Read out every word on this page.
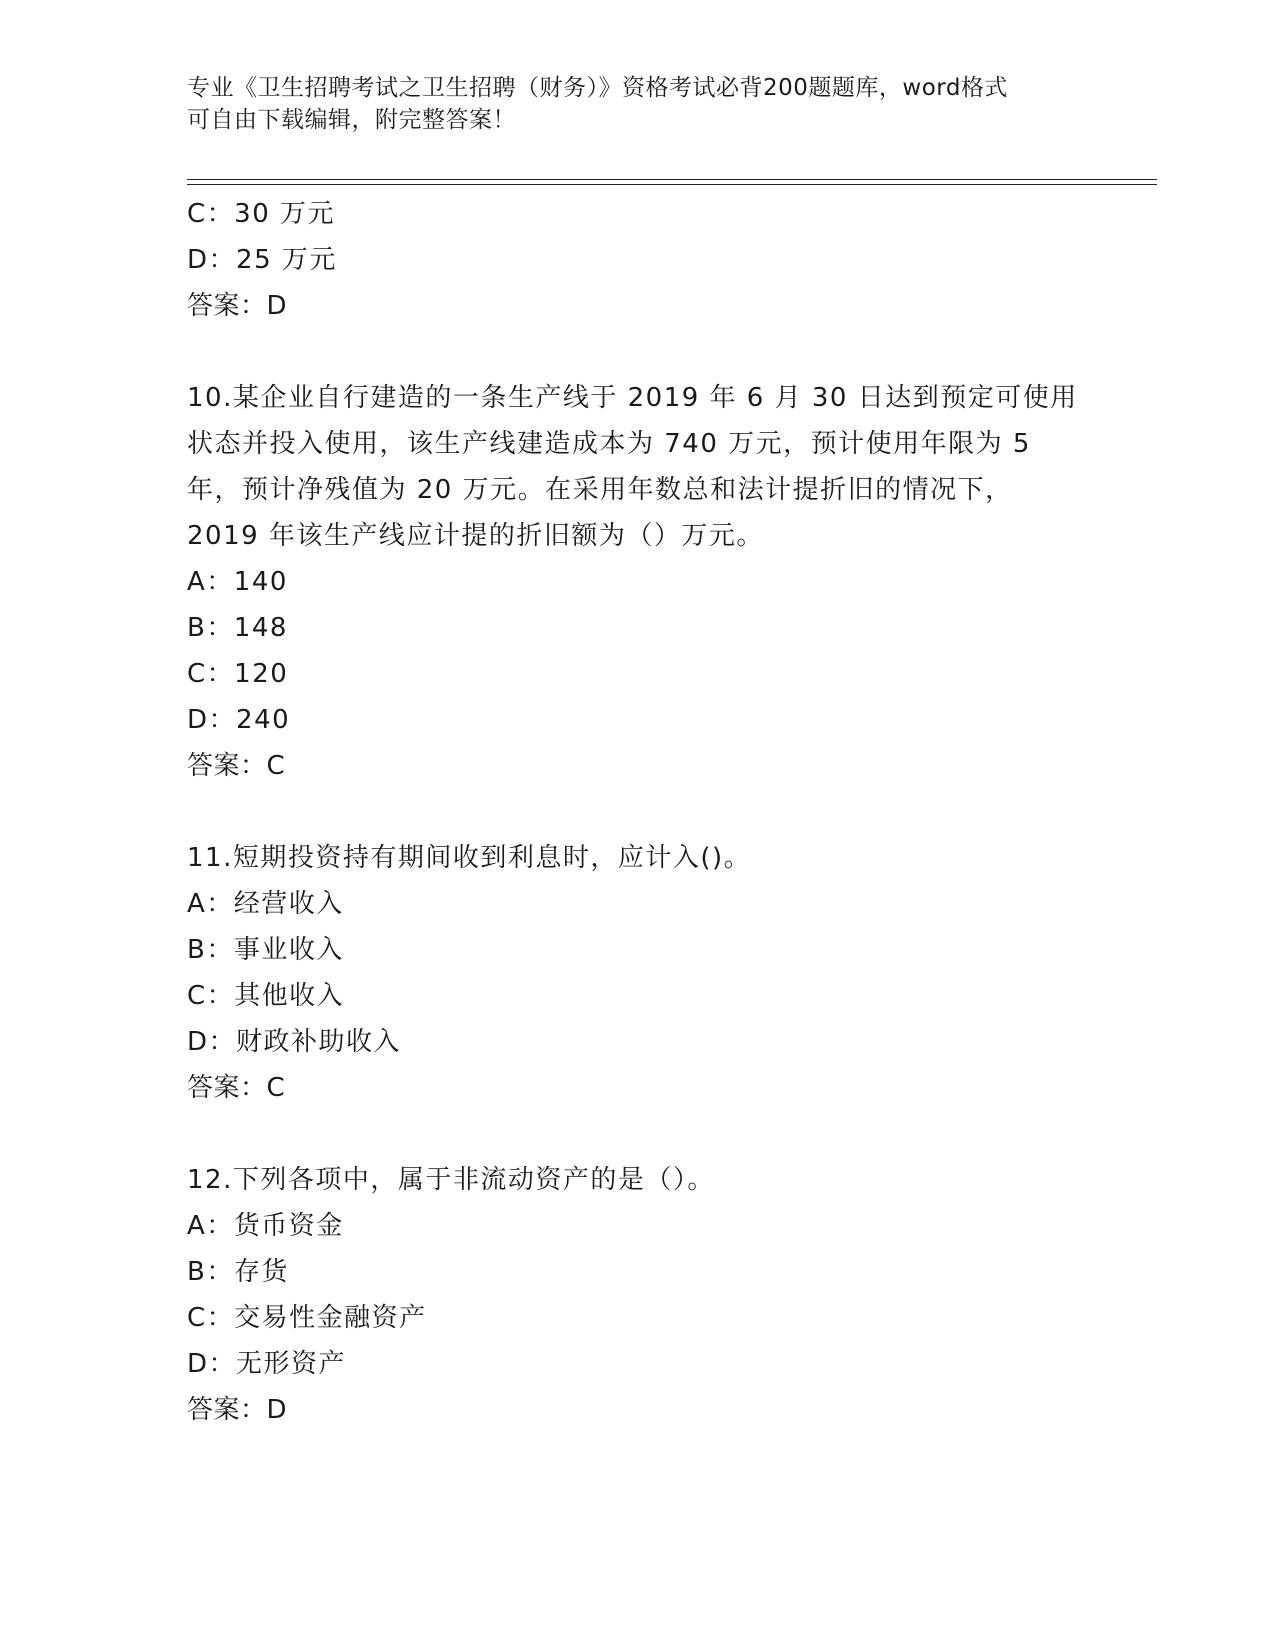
专业《卫生招聘考试之卫生招聘（财务）》资格考试必背200题题库，word格式
可自由下载编辑，附完整答案！
C：30 万元
D：25 万元
答案：D
10.某企业自行建造的一条生产线于 2019 年 6 月 30 日达到预定可使用
状态并投入使用，该生产线建造成本为 740 万元，预计使用年限为 5
年，预计净残值为 20 万元。在采用年数总和法计提折旧的情况下，
2019 年该生产线应计提的折旧额为（）万元。
A：140
B：148
C：120
D：240
答案：C
11.短期投资持有期间收到利息时，应计入()。
A：经营收入
B：事业收入
C：其他收入
D：财政补助收入
答案：C
12.下列各项中，属于非流动资产的是（）。
A：货币资金
B：存货
C：交易性金融资产
D：无形资产
答案：D
